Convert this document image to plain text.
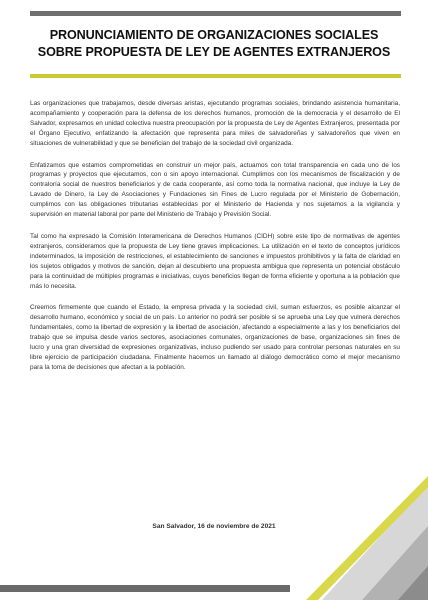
PRONUNCIAMIENTO DE ORGANIZACIONES SOCIALES
SOBRE PROPUESTA DE LEY DE AGENTES EXTRANJEROS

Las organizaciones que trabajamos, desde diversas aristas, ejecutando programas sociales, brindando asistencia humanitaria, acompañamiento y cooperación para la defensa de los derechos humanos, promoción de la democracia y el desarrollo de El Salvador, expresamos en unidad colectiva nuestra preocupación por la propuesta de Ley de Agentes Extranjeros, presentada por el Órgano Ejecutivo, enfatizando la afectación que representa para miles de salvadoreñas y salvadoreños que viven en situaciones de vulnerabilidad y que se benefician del trabajo de la sociedad civil organizada.

Enfatizamos que estamos comprometidas en construir un mejor país, actuamos con total transparencia en cada uno de los programas y proyectos que ejecutamos, con o sin apoyo internacional. Cumplimos con los mecanismos de fiscalización y de contraloría social de nuestros beneficiarios y de cada cooperante, así como toda la normativa nacional, que incluye la Ley de Lavado de Dinero, la Ley de Asociaciones y Fundaciones sin Fines de Lucro regulada por el Ministerio de Gobernación, cumplimos con las obligaciones tributarias establecidas por el Ministerio de Hacienda y nos sujetamos a la vigilancia y supervisión en material laboral por parte del Ministerio de Trabajo y Previsión Social.

Tal como ha expresado la Comisión Interamericana de Derechos Humanos (CIDH) sobre este tipo de normativas de agentes extranjeros, consideramos que la propuesta de Ley tiene graves implicaciones. La utilización en el texto de conceptos jurídicos indeterminados, la imposición de restricciones, el establecimiento de sanciones e impuestos prohibitivos y la falta de claridad en los sujetos obligados y motivos de sanción, dejan al descubierto una propuesta ambigua que representa un potencial obstáculo para la continuidad de múltiples programas e iniciativas, cuyos beneficios llegan de forma eficiente y oportuna a la población que más lo necesita.

Creemos firmemente que cuando el Estado, la empresa privada y la sociedad civil, suman esfuerzos, es posible alcanzar el desarrollo humano, económico y social de un país. Lo anterior no podrá ser posible si se aprueba una Ley que vulnera derechos fundamentales, como la libertad de expresión y la libertad de asociación, afectando a especialmente a las y los beneficiarios del trabajo que se impulsa desde varios sectores, asociaciones comunales, organizaciones de base, organizaciones sin fines de lucro y una gran diversidad de expresiones organizativas, incluso pudiendo ser usado para controlar personas naturales en su libre ejercicio de participación ciudadana. Finalmente hacemos un llamado al diálogo democrático como el mejor mecanismo para la toma de decisiones que afectan a la población.

San Salvador, 16 de noviembre de 2021
